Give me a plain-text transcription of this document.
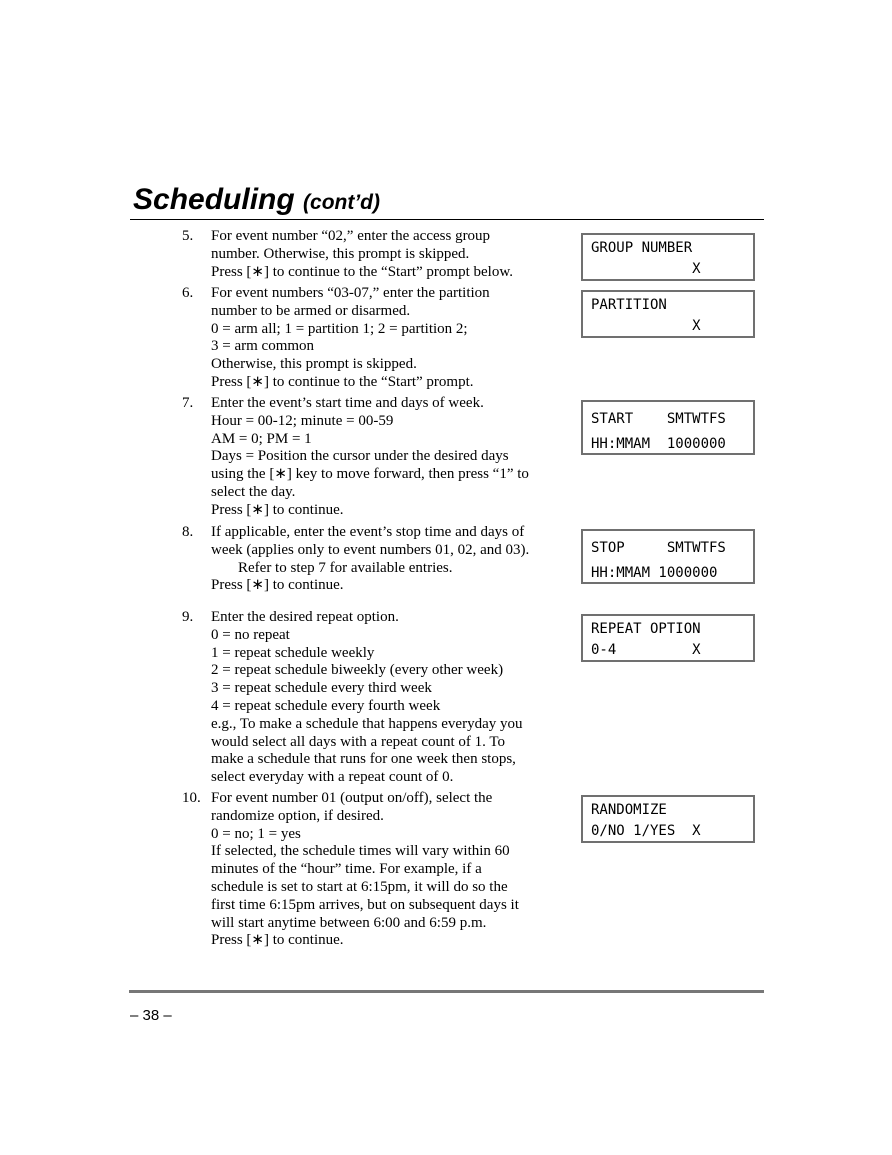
Scheduling (cont’d)
5.	For event number “02,” enter the access group
number. Otherwise, this prompt is skipped.
Press [∗] to continue to the “Start” prompt below.
6.	For event numbers “03-07,” enter the partition
number to be armed or disarmed.
0 = arm all; 1 = partition 1; 2 = partition 2;
3 = arm common
Otherwise, this prompt is skipped.
Press [∗] to continue to the “Start” prompt.
7.	Enter the event’s start time and days of week.
Hour = 00-12; minute = 00-59
AM = 0; PM = 1
Days = Position the cursor under the desired days
using the [∗] key to move forward, then press “1” to
select the day.
Press [∗] to continue.
8.	If applicable, enter the event’s stop time and days of
week (applies only to event numbers 01, 02, and 03).
Refer to step 7 for available entries.
Press [∗] to continue.
9.	Enter the desired repeat option.
0 = no repeat
1 = repeat schedule weekly
2 = repeat schedule biweekly (every other week)
3 = repeat schedule every third week
4 = repeat schedule every fourth week
e.g., To make a schedule that happens everyday you
would select all days with a repeat count of 1. To
make a schedule that runs for one week then stops,
select everyday with a repeat count of 0.
10. For event number 01 (output on/off), select the
randomize option, if desired.
0 = no; 1 = yes
If selected, the schedule times will vary within 60
minutes of the “hour” time. For example, if a
schedule is set to start at 6:15pm, it will do so the
first time 6:15pm arrives, but on subsequent days it
will start anytime between 6:00 and 6:59 p.m.
Press [∗] to continue.
GROUP NUMBER
X
PARTITION
X
START    SMTWTFS
HH:MMAM  1000000
STOP     SMTWTFS
HH:MMAM 1000000
REPEAT OPTION
0-4         X
RANDOMIZE
0/NO 1/YES  X
– 38 –
